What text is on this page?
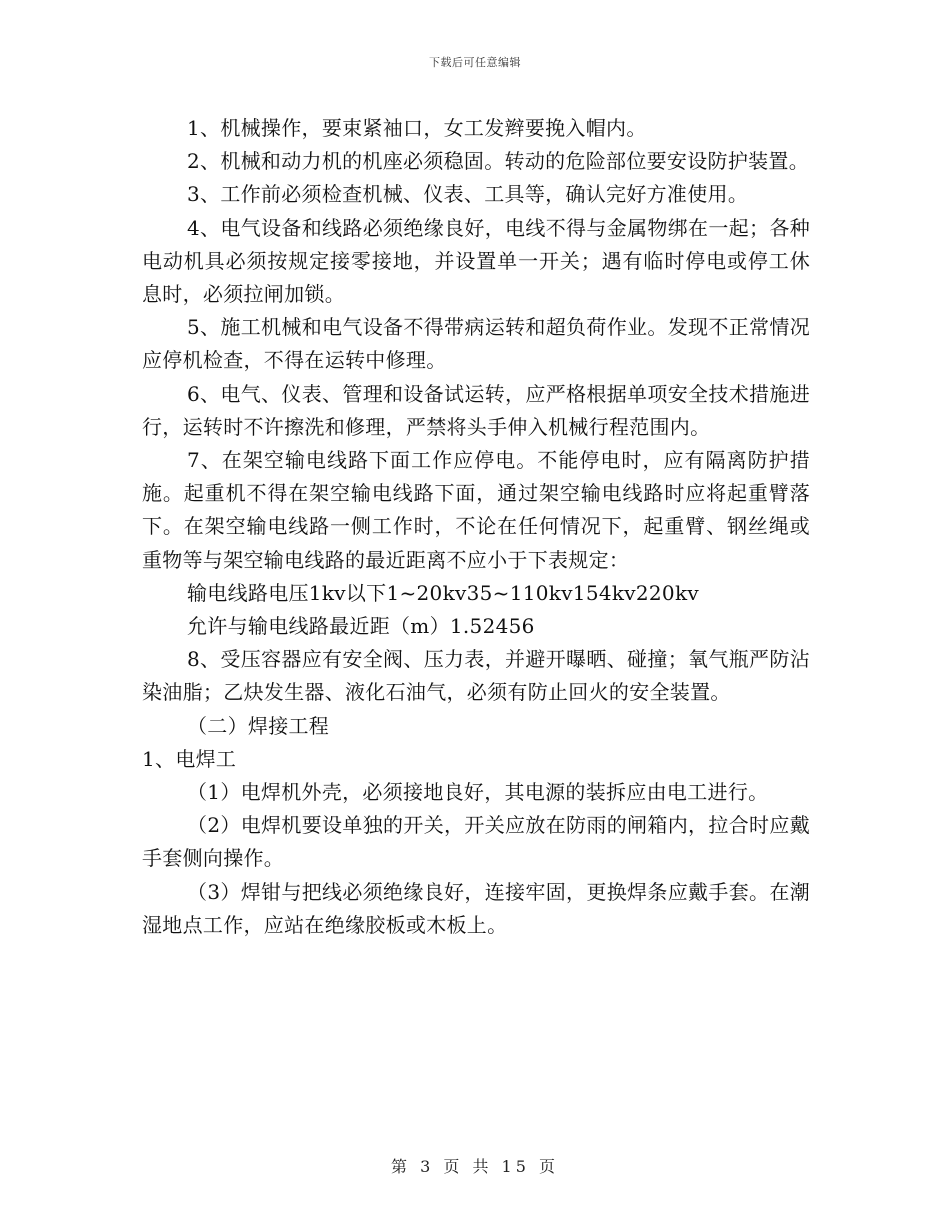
下载后可任意编辑

1、机械操作，要束紧袖口，女工发辫要挽入帽内。

2、机械和动力机的机座必须稳固。转动的危险部位要安设防护装置。

3、工作前必须检查机械、仪表、工具等，确认完好方准使用。

4、电气设备和线路必须绝缘良好，电线不得与金属物绑在一起；各种电动机具必须按规定接零接地，并设置单一开关；遇有临时停电或停工休息时，必须拉闸加锁。

5、施工机械和电气设备不得带病运转和超负荷作业。发现不正常情况应停机检查，不得在运转中修理。

6、电气、仪表、管理和设备试运转，应严格根据单项安全技术措施进行，运转时不许擦洗和修理，严禁将头手伸入机械行程范围内。

7、在架空输电线路下面工作应停电。不能停电时，应有隔离防护措施。起重机不得在架空输电线路下面，通过架空输电线路时应将起重臂落下。在架空输电线路一侧工作时，不论在任何情况下，起重臂、钢丝绳或重物等与架空输电线路的最近距离不应小于下表规定：

输电线路电压1kv以下1~20kv35~110kv154kv220kv

允许与输电线路最近距（m）1.52456

8、受压容器应有安全阀、压力表，并避开曝晒、碰撞；氧气瓶严防沾染油脂；乙炔发生器、液化石油气，必须有防止回火的安全装置。

（二）焊接工程

1、电焊工

（1）电焊机外壳，必须接地良好，其电源的装拆应由电工进行。

（2）电焊机要设单独的开关，开关应放在防雨的闸箱内，拉合时应戴手套侧向操作。

（3）焊钳与把线必须绝缘良好，连接牢固，更换焊条应戴手套。在潮湿地点工作，应站在绝缘胶板或木板上。

第 3 页 共 15 页
